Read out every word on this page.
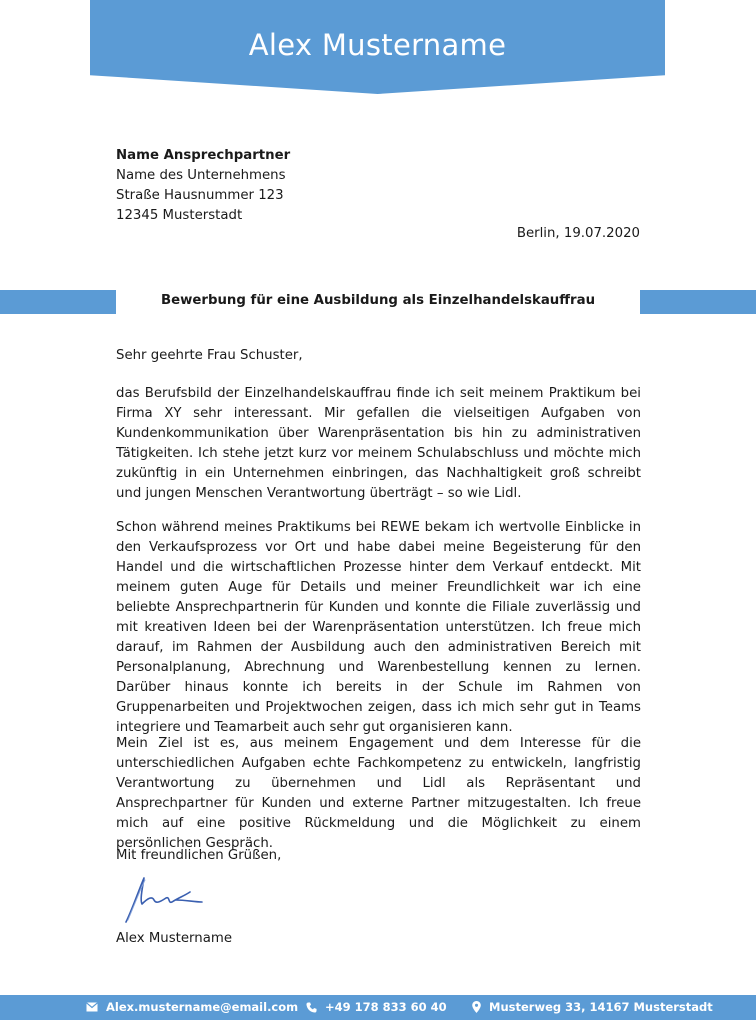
Alex Mustername
Name Ansprechpartner
Name des Unternehmens
Straße Hausnummer 123
12345 Musterstadt
Berlin, 19.07.2020
Bewerbung für eine Ausbildung als Einzelhandelskauffrau
Sehr geehrte Frau Schuster,
das Berufsbild der Einzelhandelskauffrau finde ich seit meinem Praktikum bei Firma XY sehr interessant. Mir gefallen die vielseitigen Aufgaben von Kundenkommunikation über Warenpräsentation bis hin zu administrativen Tätigkeiten. Ich stehe jetzt kurz vor meinem Schulabschluss und möchte mich zukünftig in ein Unternehmen einbringen, das Nachhaltigkeit groß schreibt und jungen Menschen Verantwortung überträgt – so wie Lidl.
Schon während meines Praktikums bei REWE bekam ich wertvolle Einblicke in den Verkaufsprozess vor Ort und habe dabei meine Begeisterung für den Handel und die wirtschaftlichen Prozesse hinter dem Verkauf entdeckt. Mit meinem guten Auge für Details und meiner Freundlichkeit war ich eine beliebte Ansprechpartnerin für Kunden und konnte die Filiale zuverlässig und mit kreativen Ideen bei der Warenpräsentation unterstützen. Ich freue mich darauf, im Rahmen der Ausbildung auch den administrativen Bereich mit Personalplanung, Abrechnung und Warenbestellung kennen zu lernen. Darüber hinaus konnte ich bereits in der Schule im Rahmen von Gruppenarbeiten und Projektwochen zeigen, dass ich mich sehr gut in Teams integriere und Teamarbeit auch sehr gut organisieren kann.
Mein Ziel ist es, aus meinem Engagement und dem Interesse für die unterschiedlichen Aufgaben echte Fachkompetenz zu entwickeln, langfristig Verantwortung zu übernehmen und Lidl als Repräsentant und Ansprechpartner für Kunden und externe Partner mitzugestalten. Ich freue mich auf eine positive Rückmeldung und die Möglichkeit zu einem persönlichen Gespräch.
Mit freundlichen Grüßen,
Alex Mustername
Alex.mustername@email.com +49 178 833 60 40	Musterweg 33, 14167 Musterstadt
